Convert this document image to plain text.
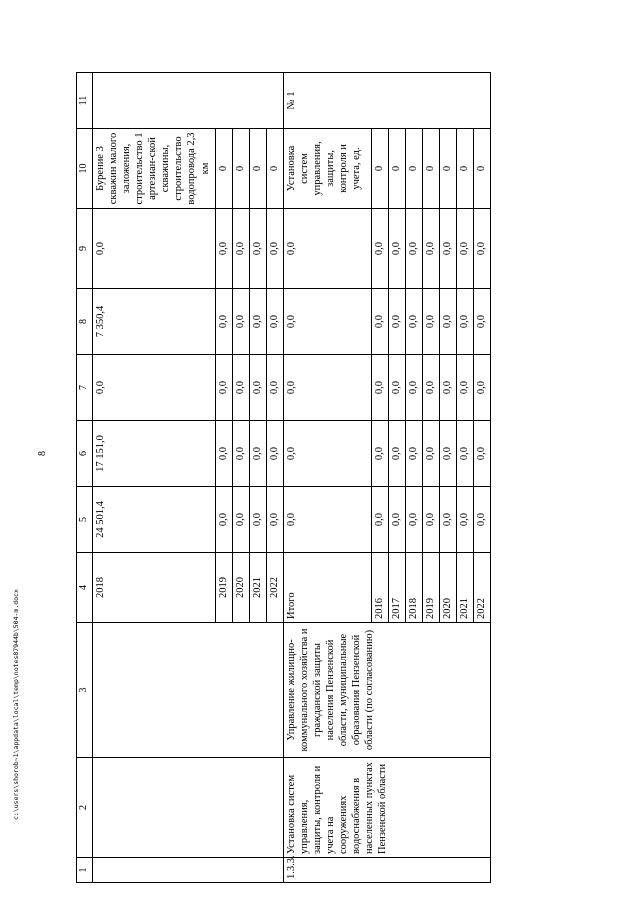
8
1	2	3	4	5	6	7	8	9	10	11
			2018	24 501,4	17 151,0	0,0	7 350,4	0,0	Бурение 3 скважин малого заложения, строительство 1 артезиан-ской скважины, строительство водопровода 2,3 км	
			2019	0,0	0,0	0,0	0,0	0,0	0	
			2020	0,0	0,0	0,0	0,0	0,0	0	
			2021	0,0	0,0	0,0	0,0	0,0	0	
			2022	0,0	0,0	0,0	0,0	0,0	0	
1.3.3.	Установка систем управления, защиты, контроля и учета на сооружениях водоснабжения в населенных пунктах Пензенской области	Управление жилищно-коммунального хозяйства и гражданской защиты населения Пензенской области, муниципальные образования Пензенской области (по согласованию)	Итого	0,0	0,0	0,0	0,0	0,0	Установка систем управления, защиты, контроля и учета, ед.	№ 1
			2016	0,0	0,0	0,0	0,0	0,0	0	
			2017	0,0	0,0	0,0	0,0	0,0	0	
			2018	0,0	0,0	0,0	0,0	0,0	0	
			2019	0,0	0,0	0,0	0,0	0,0	0	
			2020	0,0	0,0	0,0	0,0	0,0	0	
			2021	0,0	0,0	0,0	0,0	0,0	0	
			2022	0,0	0,0	0,0	0,0	0,0	0	
c:\users\shorob~1\appdata\local\temp\notes87944b\504-m.docx
